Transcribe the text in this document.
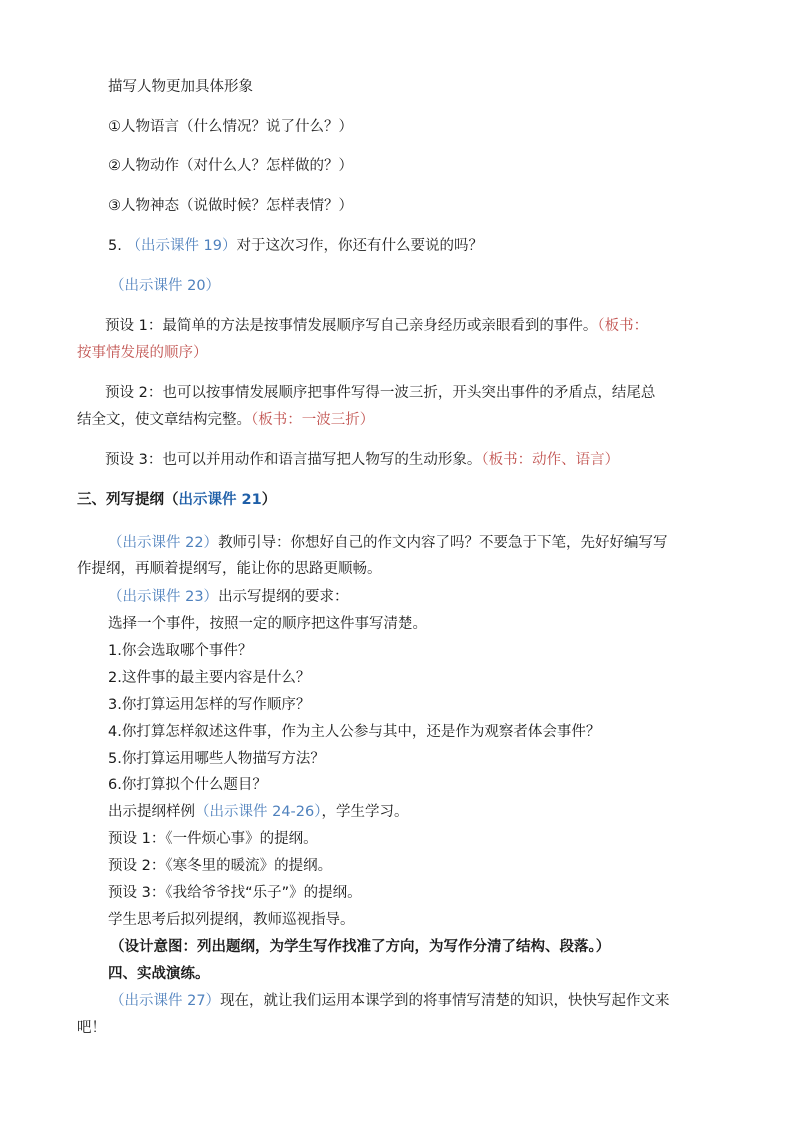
描写人物更加具体形象
①人物语言（什么情况？说了什么？）
②人物动作（对什么人？怎样做的？）
③人物神态（说做时候？怎样表情？）
5. （出示课件 19）对于这次习作，你还有什么要说的吗？
（出示课件 20）
预设 1：最简单的方法是按事情发展顺序写自己亲身经历或亲眼看到的事件。（板书：
按事情发展的顺序）
预设 2：也可以按事情发展顺序把事件写得一波三折，开头突出事件的矛盾点，结尾总
结全文，使文章结构完整。（板书：一波三折）
预设 3：也可以并用动作和语言描写把人物写的生动形象。（板书：动作、语言）
三、列写提纲（出示课件 21）
（出示课件 22）教师引导：你想好自己的作文内容了吗？不要急于下笔，先好好编写写
作提纲，再顺着提纲写，能让你的思路更顺畅。
（出示课件 23）出示写提纲的要求：
选择一个事件，按照一定的顺序把这件事写清楚。
1.你会选取哪个事件？
2.这件事的最主要内容是什么？
3.你打算运用怎样的写作顺序？
4.你打算怎样叙述这件事，作为主人公参与其中，还是作为观察者体会事件？
5.你打算运用哪些人物描写方法？
6.你打算拟个什么题目？
出示提纲样例（出示课件 24-26），学生学习。
预设 1：《一件烦心事》的提纲。
预设 2：《寒冬里的暖流》的提纲。
预设 3：《我给爷爷找“乐子”》的提纲。
学生思考后拟列提纲，教师巡视指导。
（设计意图：列出题纲，为学生写作找准了方向，为写作分清了结构、段落。）
四、实战演练。
（出示课件 27）现在，就让我们运用本课学到的将事情写清楚的知识，快快写起作文来
吧！
